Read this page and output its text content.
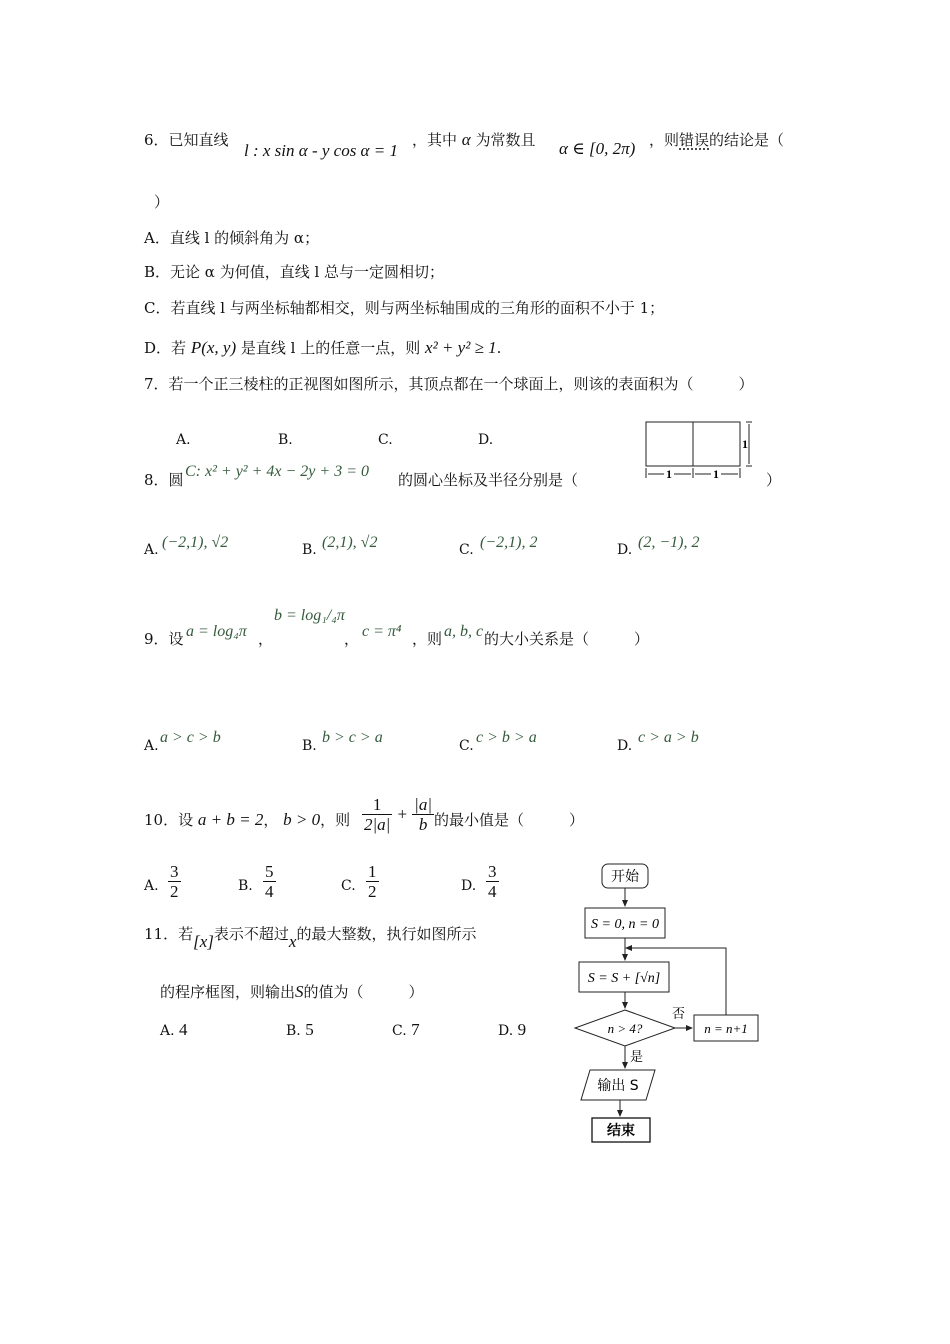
6．已知直线
l : x sin α - y cos α = 1
，其中 α 为常数且 α ∈ [0, 2π) ，则错误的结论是（
）
A．直线 l 的倾斜角为 α；
B．无论 α 为何值，直线 l 总与一定圆相切；
C．若直线 l 与两坐标轴都相交，则与两坐标轴围成的三角形的面积不小于 1；
D．若 P(x, y) 是直线 l 上的任意一点，则 x² + y² ≥ 1.
7．若一个正三棱柱的正视图如图所示，其顶点都在一个球面上，则该的表面积为（　　　）
A.	B.	C.	D.	1
1	1
8．圆 C: x² + y² + 4x − 2y + 3 = 0 的圆心坐标及半径分别是（	）
A. (−2,1), √2	B. (2,1), √2	C. (−2,1), 2	D. (2, −1), 2
9．设 a = log₄π ，
b = log₁/₄π
， c = π⁴ ，则 a, b, c 的大小关系是（　　　）
A. a > c > b	B. b > c > a	C. c > b > a	D. c > a > b
10．设 a + b = 2， b > 0，则 $\frac{1}{2|a|} + \frac{|a|}{b}$ 的最小值是（　　　）
A. $\frac{3}{2}$	B. $\frac{5}{4}$	C. $\frac{1}{2}$	D. $\frac{3}{4}$
11．若[x]表示不超过x的最大整数，执行如图所示
的程序框图，则输出S的值为（　　　）
A. 4	B. 5	C. 7	D. 9
开始
S = 0, n = 0
S = S + [√n]
n > 4?
否
n = n+1
是
输出 S
结束
